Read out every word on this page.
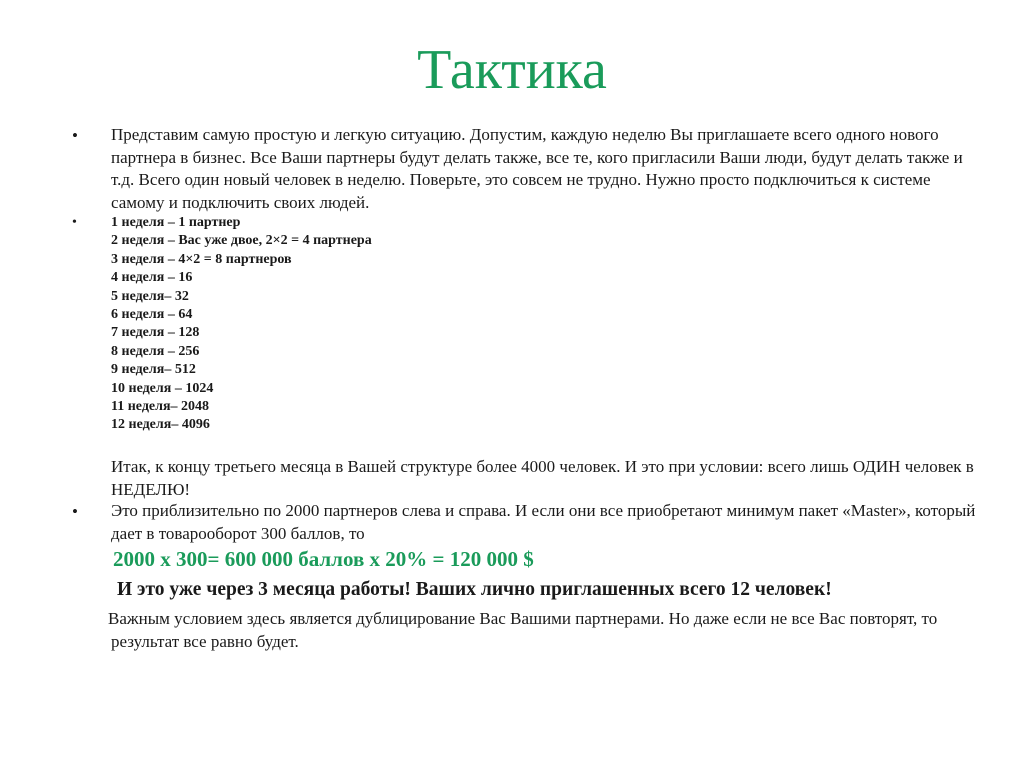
Тактика
• Представим самую простую и легкую ситуацию. Допустим, каждую неделю Вы приглашаете всего одного нового партнера в бизнес. Все Ваши партнеры будут делать также, все те, кого пригласили Ваши люди, будут делать также и т.д. Всего один новый человек в неделю. Поверьте, это совсем не трудно. Нужно просто подключиться к системе самому и подключить своих людей.
• 1 неделя – 1 партнер
2 неделя – Вас уже двое, 2×2 = 4 партнера
3 неделя – 4×2 = 8 партнеров
4 неделя – 16
5 неделя– 32
6 неделя – 64
7 неделя – 128
8 неделя – 256
9 неделя– 512
10 неделя – 1024
11 неделя– 2048
12 неделя– 4096
Итак, к концу третьего месяца в Вашей структуре более 4000 человек. И это при условии: всего лишь ОДИН человек в НЕДЕЛЮ!
• Это приблизительно по 2000 партнеров слева и справа. И если они все приобретают минимум пакет «Master», который дает в товарооборот 300 баллов, то
2000 х 300= 600 000 баллов х 20% = 120 000 $
И это уже через 3 месяца работы! Ваших лично приглашенных всего 12 человек!
Важным условием здесь является дублицирование Вас Вашими партнерами. Но даже если не все Вас повторят, то результат все равно будет.
